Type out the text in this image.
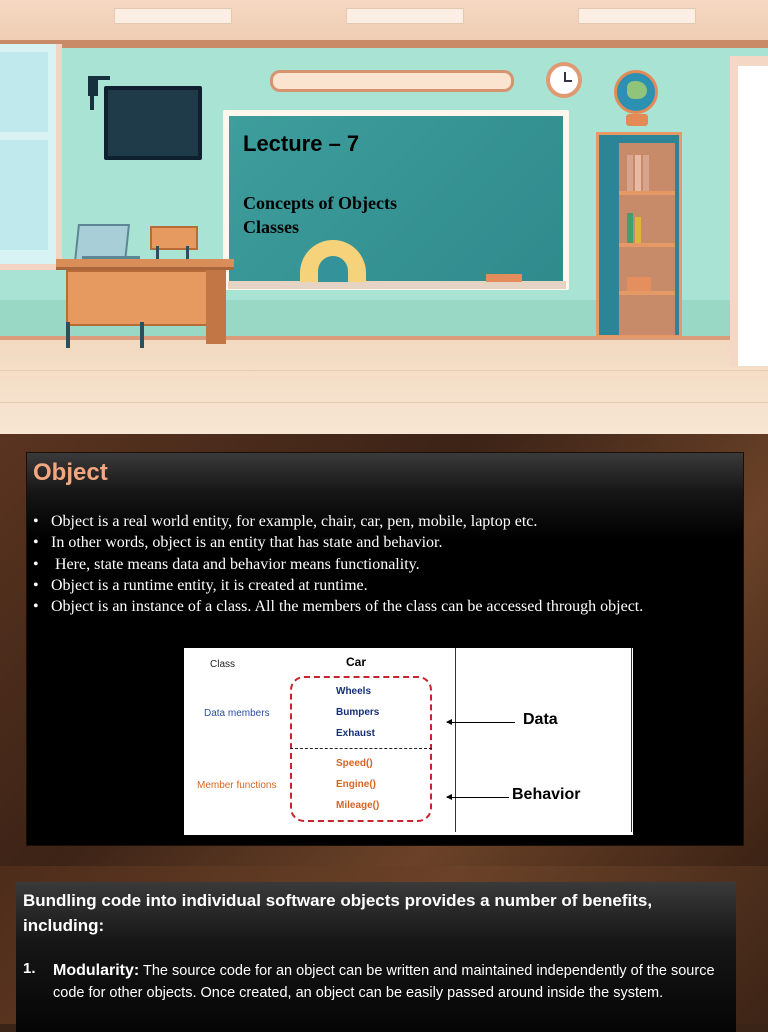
Lecture – 7
Concepts of Objects
Classes
Object
• Object is a real world entity, for example, chair, car, pen, mobile, laptop etc.
• In other words, object is an entity that has state and behavior.
• Here, state means data and behavior means functionality.
• Object is a runtime entity, it is created at runtime.
• Object is an instance of a class. All the members of the class can be accessed through object.
Class	Car
Data members
Member functions
Wheels
Bumpers
Exhaust
Speed()
Engine()
Mileage()
Data
Behavior
Bundling code into individual software objects provides a number of benefits, including:
1. Modularity: The source code for an object can be written and maintained independently of the source code for other objects. Once created, an object can be easily passed around inside the system.
